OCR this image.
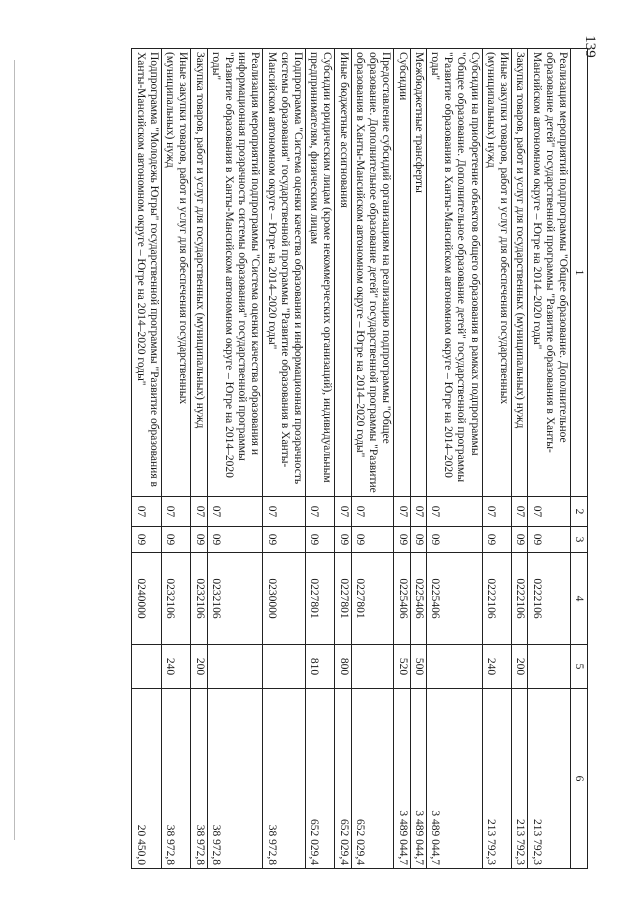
139
1	2	3	4	5	6
Реализация мероприятий подпрограммы "Общее образование. Дополнительное образование детей" государственной программы "Развитие образования в Ханты-Мансийском автономном округе – Югре на 2014–2020 годы"	07	09	0222106		213 792,3
Закупка товаров, работ и услуг для государственных (муниципальных) нужд	07	09	0222106	200	213 792,3
Иные закупки товаров, работ и услуг для обеспечения государственных (муниципальных) нужд	07	09	0222106	240	213 792,3
Субсидии на приобретение объектов общего образования в рамках подпрограммы "Общее образование. Дополнительное образование детей" государственной программы "Развитие образования в Ханты-Мансийском автономном округе – Югре на 2014–2020 годы"	07	09	0225406		3 489 044,7
Межбюджетные трансферты	07	09	0225406	500	3 489 044,7
Субсидии	07	09	0225406	520	3 489 044,7
Предоставление субсидий организациям на реализацию подпрограммы "Общее образование. Дополнительное образование детей" государственной программы "Развитие образования в Ханты-Мансийском автономном округе – Югре на 2014–2020 годы"	07	09	0227801		652 029,4
Иные бюджетные ассигнования	07	09	0227801	800	652 029,4
Субсидии юридическим лицам (кроме некоммерческих организаций), индивидуальным предпринимателям, физическим лицам	07	09	0227801	810	652 029,4
Подпрограмма "Система оценки качества образования и информационная прозрачность системы образования" государственной программы "Развитие образования в Ханты-Мансийском автономном округе – Югре на 2014–2020 годы"	07	09	0230000		38 972,8
Реализация мероприятий подпрограммы "Система оценки качества образования и информационная прозрачность системы образования" государственной программы "Развитие образования в Ханты-Мансийском автономном округе – Югре на 2014–2020 годы"	07	09	0232106		38 972,8
Закупка товаров, работ и услуг для государственных (муниципальных) нужд	07	09	0232106	200	38 972,8
Иные закупки товаров, работ и услуг для обеспечения государственных (муниципальных) нужд	07	09	0232106	240	38 972,8
Подпрограмма "Молодежь Югры" государственной программы "Развитие образования в Ханты-Мансийском автономном округе – Югре на 2014–2020 годы"	07	09	0240000		20 450,0
